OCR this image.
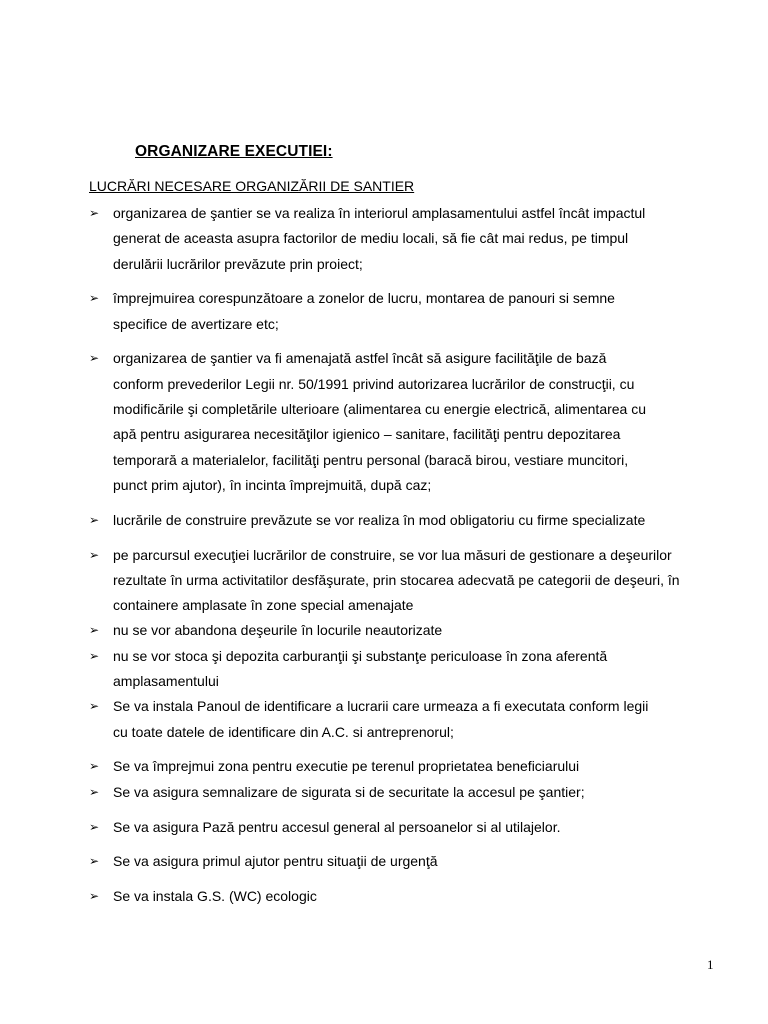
ORGANIZARE EXECUTIEI:
LUCRĂRI NECESARE ORGANIZĂRII DE SANTIER
➢ organizarea de şantier se va realiza în interiorul amplasamentului astfel încât impactul
generat de aceasta asupra factorilor de mediu locali, să fie cât mai redus, pe timpul
derulării lucrărilor prevăzute prin proiect;
➢ împrejmuirea corespunzătoare a zonelor de lucru, montarea de panouri si semne
specifice de avertizare etc;
➢ organizarea de şantier va fi amenajată astfel încât să asigure facilităţile de bază
conform prevederilor Legii nr. 50/1991 privind autorizarea lucrărilor de construcţii, cu
modificările şi completările ulterioare (alimentarea cu energie electrică, alimentarea cu
apă pentru asigurarea necesităţilor igienico – sanitare, facilităţi pentru depozitarea
temporară a materialelor, facilităţi pentru personal (baracă birou, vestiare muncitori,
punct prim ajutor), în incinta împrejmuită, după caz;
➢ lucrările de construire prevăzute se vor realiza în mod obligatoriu cu firme specializate
➢ pe parcursul execuţiei lucrărilor de construire, se vor lua măsuri de gestionare a deşeurilor
rezultate în urma activitatilor desfăşurate, prin stocarea adecvată pe categorii de deşeuri, în
containere amplasate în zone special amenajate
➢ nu se vor abandona deşeurile în locurile neautorizate
➢ nu se vor stoca şi depozita carburanţii şi substanţe periculoase în zona aferentă
amplasamentului
➢ Se va instala Panoul de identificare a lucrarii care urmeaza a fi executata conform legii
cu toate datele de identificare din A.C. si antreprenorul;
➢ Se va împrejmui zona pentru executie pe terenul proprietatea beneficiarului
➢ Se va asigura semnalizare de sigurata si de securitate la accesul pe şantier;
➢ Se va asigura Pază pentru accesul general al persoanelor si al utilajelor.
➢ Se va asigura primul ajutor pentru situaţii de urgenţă
➢ Se va instala G.S. (WC) ecologic
1
